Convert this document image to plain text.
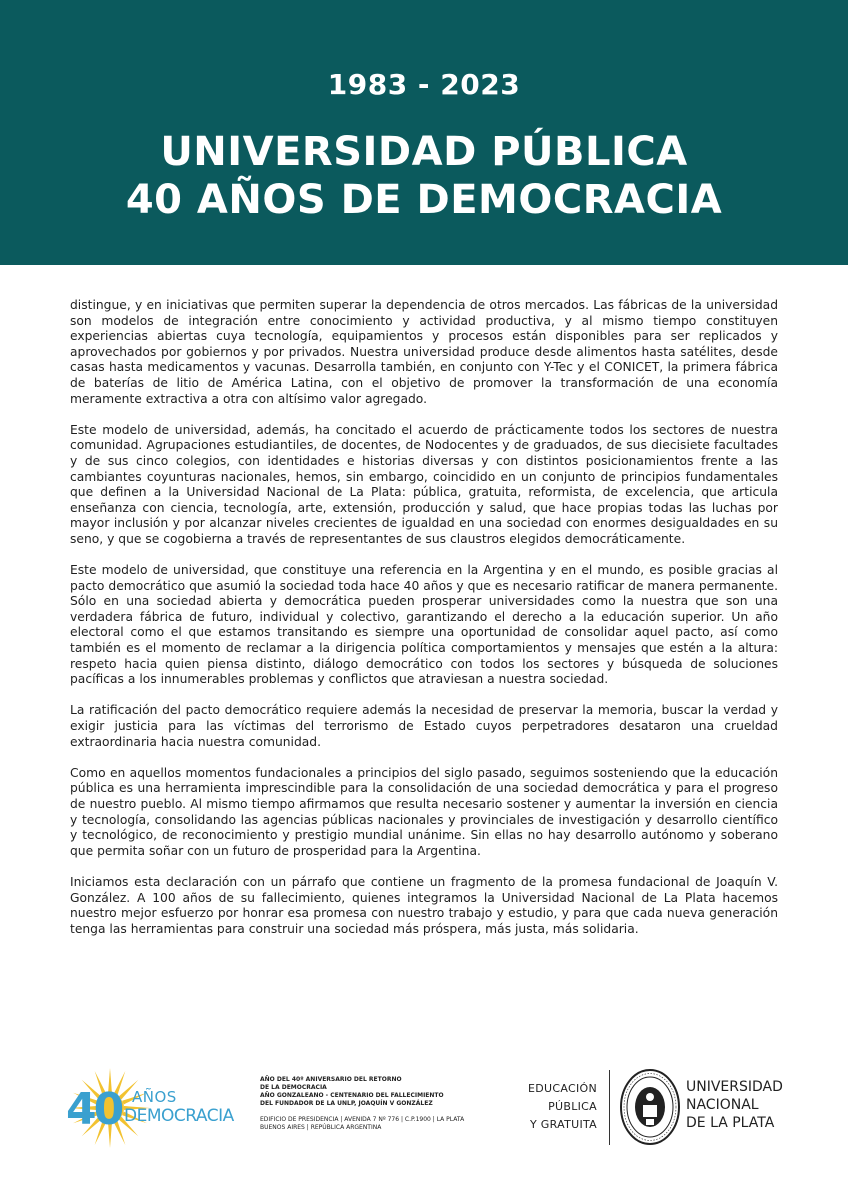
1983 - 2023
UNIVERSIDAD PÚBLICA
40 AÑOS DE DEMOCRACIA

distingue, y en iniciativas que permiten superar la dependencia de otros mercados. Las fábricas de la universidad son modelos de integración entre conocimiento y actividad productiva, y al mismo tiempo constituyen experiencias abiertas cuya tecnología, equipamientos y procesos están disponibles para ser replicados y aprovechados por gobiernos y por privados. Nuestra universidad produce desde alimentos hasta satélites, desde casas hasta medicamentos y vacunas. Desarrolla también, en conjunto con Y-Tec y el CONICET, la primera fábrica de baterías de litio de América Latina, con el objetivo de promover la transformación de una economía meramente extractiva a otra con altísimo valor agregado.

Este modelo de universidad, además, ha concitado el acuerdo de prácticamente todos los sectores de nuestra comunidad. Agrupaciones estudiantiles, de docentes, de Nodocentes y de graduados, de sus diecisiete facultades y de sus cinco colegios, con identidades e historias diversas y con distintos posicionamientos frente a las cambiantes coyunturas nacionales, hemos, sin embargo, coincidido en un conjunto de principios fundamentales que definen a la Universidad Nacional de La Plata: pública, gratuita, reformista, de excelencia, que articula enseñanza con ciencia, tecnología, arte, extensión, producción y salud, que hace propias todas las luchas por mayor inclusión y por alcanzar niveles crecientes de igualdad en una sociedad con enormes desigualdades en su seno, y que se cogobierna a través de representantes de sus claustros elegidos democráticamente.

Este modelo de universidad, que constituye una referencia en la Argentina y en el mundo, es posible gracias al pacto democrático que asumió la sociedad toda hace 40 años y que es necesario ratificar de manera permanente. Sólo en una sociedad abierta y democrática pueden prosperar universidades como la nuestra que son una verdadera fábrica de futuro, individual y colectivo, garantizando el derecho a la educación superior. Un año electoral como el que estamos transitando es siempre una oportunidad de consolidar aquel pacto, así como también es el momento de reclamar a la dirigencia política comportamientos y mensajes que estén a la altura: respeto hacia quien piensa distinto, diálogo democrático con todos los sectores y búsqueda de soluciones pacíficas a los innumerables problemas y conflictos que atraviesan a nuestra sociedad.

La ratificación del pacto democrático requiere además la necesidad de preservar la memoria, buscar la verdad y exigir justicia para las víctimas del terrorismo de Estado cuyos perpetradores desataron una crueldad extraordinaria hacia nuestra comunidad.

Como en aquellos momentos fundacionales a principios del siglo pasado, seguimos sosteniendo que la educación pública es una herramienta imprescindible para la consolidación de una sociedad democrática y para el progreso de nuestro pueblo. Al mismo tiempo afirmamos que resulta necesario sostener y aumentar la inversión en ciencia y tecnología, consolidando las agencias públicas nacionales y provinciales de investigación y desarrollo científico y tecnológico, de reconocimiento y prestigio mundial unánime. Sin ellas no hay desarrollo autónomo y soberano que permita soñar con un futuro de prosperidad para la Argentina.

Iniciamos esta declaración con un párrafo que contiene un fragmento de la promesa fundacional de Joaquín V. González. A 100 años de su fallecimiento, quienes integramos la Universidad Nacional de La Plata hacemos nuestro mejor esfuerzo por honrar esa promesa con nuestro trabajo y estudio, y para que cada nueva generación tenga las herramientas para construir una sociedad más próspera, más justa, más solidaria.

40 AÑOS
DEMOCRACIA
AÑO DEL 40º ANIVERSARIO DEL RETORNO
DE LA DEMOCRACIA
AÑO GONZALEANO - CENTENARIO DEL FALLECIMIENTO
DEL FUNDADOR DE LA UNLP, JOAQUÍN V GONZÁLEZ
EDIFICIO DE PRESIDENCIA | AVENIDA 7 Nº 776 | C.P.1900 | LA PLATA
BUENOS AIRES | REPÚBLICA ARGENTINA
EDUCACIÓN
PÚBLICA
Y GRATUITA
UNIVERSIDAD
NACIONAL
DE LA PLATA
